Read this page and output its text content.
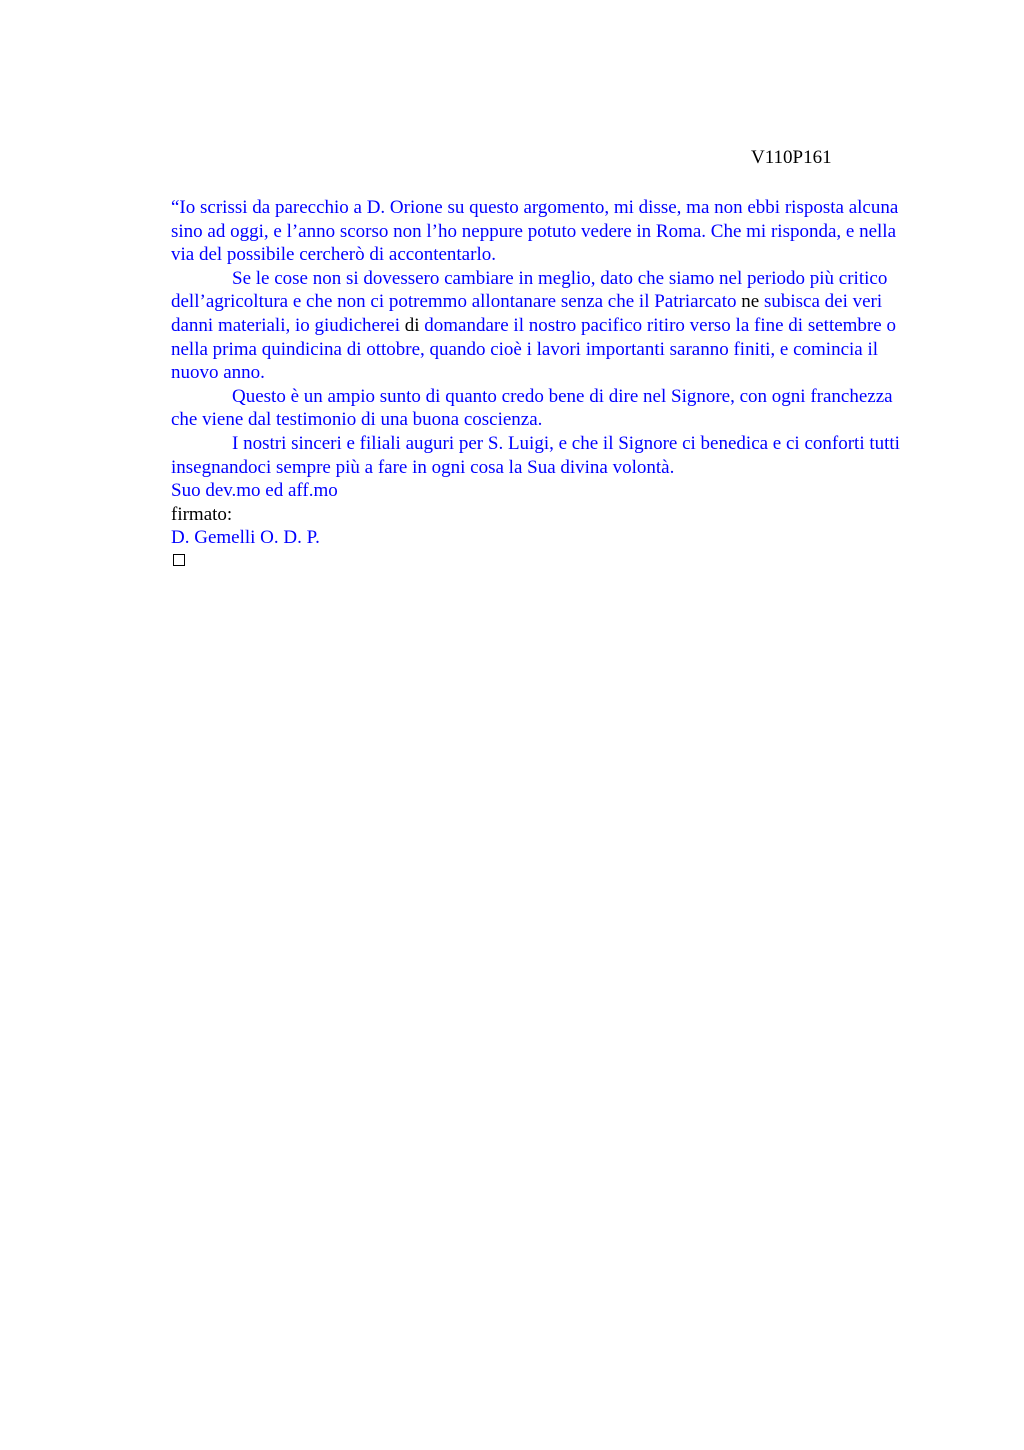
V110P161

“Io scrissi da parecchio a D. Orione su questo argomento, mi disse, ma non ebbi risposta alcuna sino ad oggi, e l’anno scorso non l’ho neppure potuto vedere in Roma. Che mi risponda, e nella via del possibile cercherò di accontentarlo.

Se le cose non si dovessero cambiare in meglio, dato che siamo nel periodo più critico dell’agricoltura e che non ci potremmo allontanare senza che il Patriarcato ne subisca dei veri danni materiali, io giudicherei di domandare il nostro pacifico ritiro verso la fine di settembre o nella prima quindicina di ottobre, quando cioè i lavori importanti saranno finiti, e comincia il nuovo anno.

Questo è un ampio sunto di quanto credo bene di dire nel Signore, con ogni franchezza che viene dal testimonio di una buona coscienza.

I nostri sinceri e filiali auguri per S. Luigi, e che il Signore ci benedica e ci conforti tutti insegnandoci sempre più a fare in ogni cosa la Sua divina volontà.

Suo dev.mo ed aff.mo

firmato:

D. Gemelli O. D. P.
